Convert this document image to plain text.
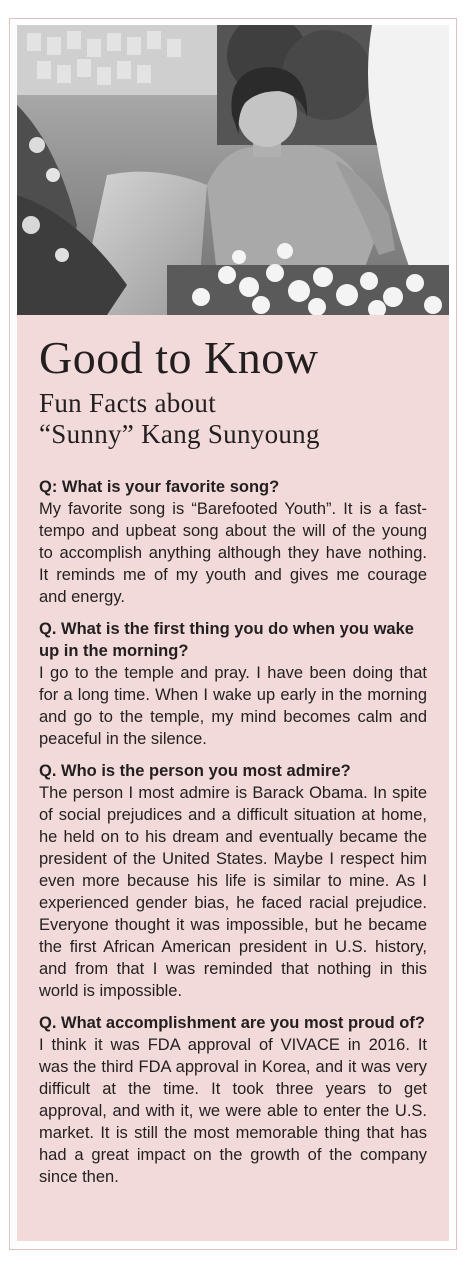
Good to Know
Fun Facts about
“Sunny” Kang Sunyoung

Q: What is your favorite song?

My favorite song is “Barefooted Youth”. It is a fast-tempo and upbeat song about the will of the young to accomplish anything although they have nothing. It reminds me of my youth and gives me courage and energy.

Q. What is the first thing you do when you wake up in the morning?

I go to the temple and pray. I have been doing that for a long time. When I wake up early in the morning and go to the temple, my mind becomes calm and peaceful in the silence.

Q. Who is the person you most admire?

The person I most admire is Barack Obama. In spite of social prejudices and a difficult situation at home, he held on to his dream and eventually became the president of the United States. Maybe I respect him even more because his life is similar to mine. As I experienced gender bias, he faced racial prejudice. Everyone thought it was impossible, but he became the first African American president in U.S. history, and from that I was reminded that nothing in this world is impossible.

Q. What accomplishment are you most proud of?

I think it was FDA approval of VIVACE in 2016. It was the third FDA approval in Korea, and it was very difficult at the time. It took three years to get approval, and with it, we were able to enter the U.S. market. It is still the most memorable thing that has had a great impact on the growth of the company since then.
